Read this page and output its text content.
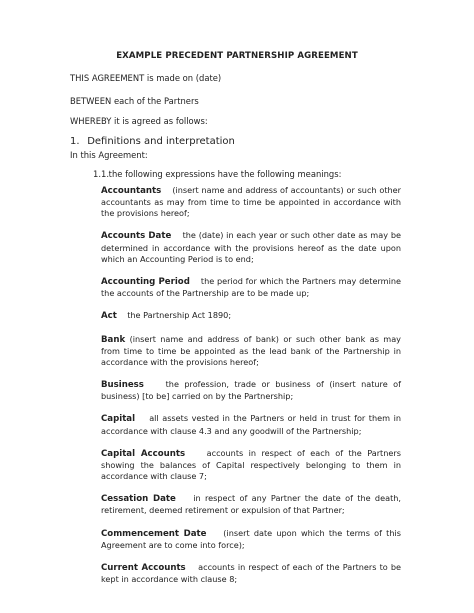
EXAMPLE PRECEDENT PARTNERSHIP AGREEMENT
THIS AGREEMENT is made on (date)
BETWEEN each of the Partners
WHEREBY it is agreed as follows:
1. Definitions and interpretation
In this Agreement:
1.1. the following expressions have the following meanings:

Accountants (insert name and address of accountants) or such other accountants as may from time to time be appointed in accordance with the provisions hereof;

Accounts Date the (date) in each year or such other date as may be determined in accordance with the provisions hereof as the date upon which an Accounting Period is to end;

Accounting Period the period for which the Partners may determine the accounts of the Partnership are to be made up;

Act the Partnership Act 1890;

Bank (insert name and address of bank) or such other bank as may from time to time be appointed as the lead bank of the Partnership in accordance with the provisions hereof;

Business	the profession, trade or business of (insert nature of business) [to be] carried on by the Partnership;

Capital all assets vested in the Partners or held in trust for them in accordance with clause 4.3 and any goodwill of the Partnership;

Capital Accounts	accounts in respect of each of the Partners showing the balances of Capital respectively belonging to them in accordance with clause 7;

Cessation Date in respect of any Partner the date of the death, retirement, deemed retirement or expulsion of that Partner;

Commencement Date (insert date upon which the terms of this Agreement are to come into force);

Current Accounts accounts in respect of each of the Partners to be kept in accordance with clause 8;
